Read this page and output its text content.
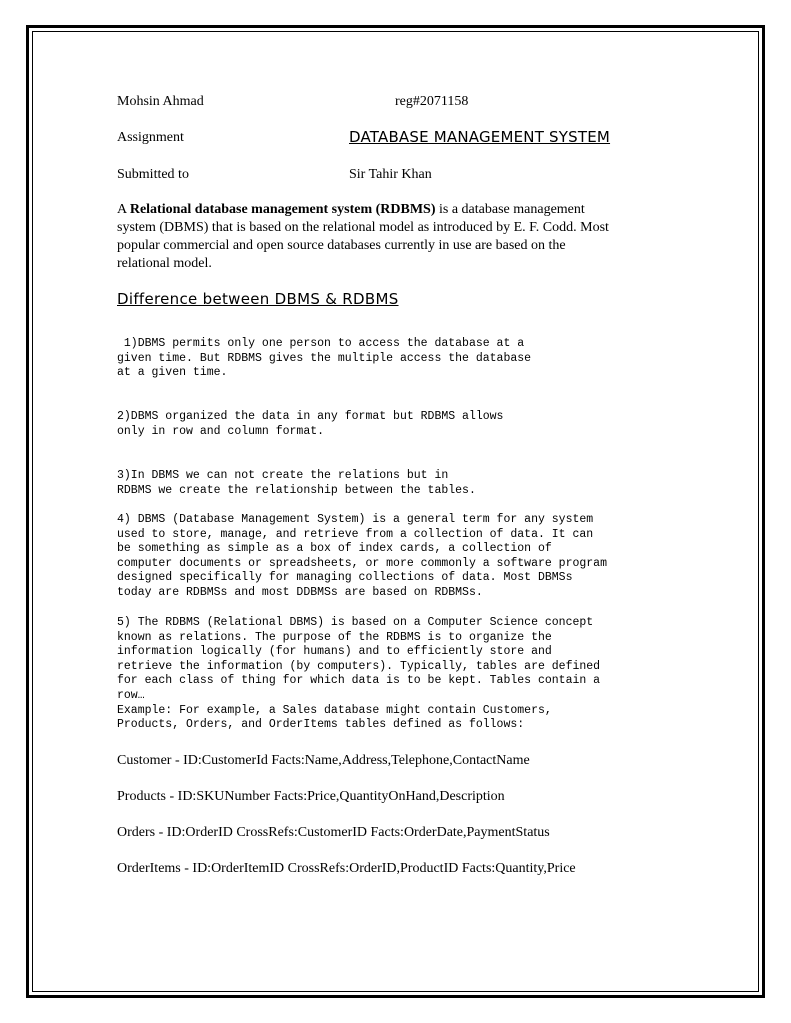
Mohsin Ahmad	reg#2071158
Assignment	DATABASE MANAGEMENT SYSTEM
Submitted to	Sir Tahir Khan
A Relational database management system (RDBMS) is a database management
system (DBMS) that is based on the relational model as introduced by E. F. Codd. Most
popular commercial and open source databases currently in use are based on the
relational model.
Difference between DBMS & RDBMS
1)DBMS permits only one person to access the database at a
given time. But RDBMS gives the multiple access the database
at a given time.
2)DBMS organized the data in any format but RDBMS allows
only in row and column format.
3)In DBMS we can not create the relations but in
RDBMS we create the relationship between the tables.
4) DBMS (Database Management System) is a general term for any system
used to store, manage, and retrieve from a collection of data. It can
be something as simple as a box of index cards, a collection of
computer documents or spreadsheets, or more commonly a software program
designed specifically for managing collections of data. Most DBMSs
today are RDBMSs and most DDBMSs are based on RDBMSs.
5) The RDBMS (Relational DBMS) is based on a Computer Science concept
known as relations. The purpose of the RDBMS is to organize the
information logically (for humans) and to efficiently store and
retrieve the information (by computers). Typically, tables are defined
for each class of thing for which data is to be kept. Tables contain a
row…
Example: For example, a Sales database might contain Customers,
Products, Orders, and OrderItems tables defined as follows:
Customer - ID:CustomerId Facts:Name,Address,Telephone,ContactName
Products - ID:SKUNumber Facts:Price,QuantityOnHand,Description
Orders - ID:OrderID CrossRefs:CustomerID Facts:OrderDate,PaymentStatus
OrderItems - ID:OrderItemID CrossRefs:OrderID,ProductID Facts:Quantity,Price
